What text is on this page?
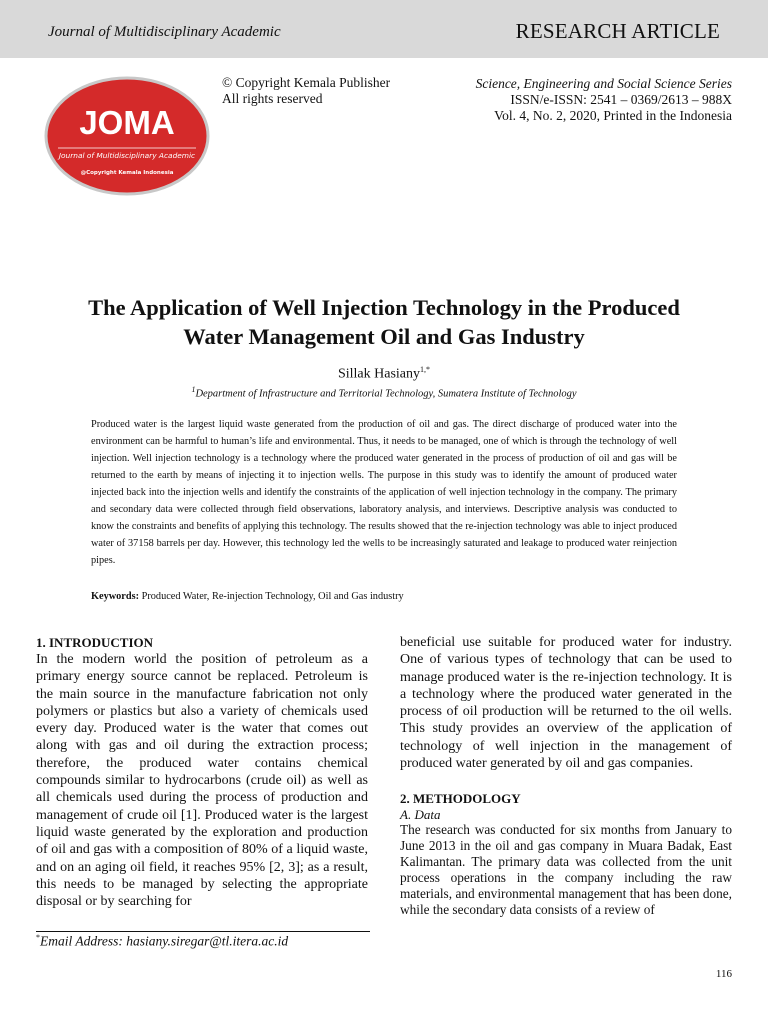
Journal of Multidisciplinary Academic	RESEARCH ARTICLE
JOMA
Journal of Multidisciplinary Academic
@Copyright Kemala Indonesia
© Copyright Kemala Publisher
All rights reserved
Science, Engineering and Social Science Series
ISSN/e-ISSN: 2541 – 0369/2613 – 988X
Vol. 4, No. 2, 2020, Printed in the Indonesia
The Application of Well Injection Technology in the Produced
Water Management Oil and Gas Industry
Sillak Hasiany$^{1,*}$
$^1$Department of Infrastructure and Territorial Technology, Sumatera Institute of Technology
Produced water is the largest liquid waste generated from the production of oil and gas. The direct discharge of produced water into the environment can be harmful to human’s life and environmental. Thus, it needs to be managed, one of which is through the technology of well injection. Well injection technology is a technology where the produced water generated in the process of production of oil and gas will be returned to the earth by means of injecting it to injection wells. The purpose in this study was to identify the amount of produced water injected back into the injection wells and identify the constraints of the application of well injection technology in the company. The primary and secondary data were collected through field observations, laboratory analysis, and interviews. Descriptive analysis was conducted to know the constraints and benefits of applying this technology. The results showed that the re-injection technology was able to inject produced water of 37158 barrels per day. However, this technology led the wells to be increasingly saturated and leakage to produced water reinjection pipes.
Keywords: Produced Water, Re-injection Technology, Oil and Gas industry
1. INTRODUCTION
In the modern world the position of petroleum as a primary energy source cannot be replaced. Petroleum is the main source in the manufacture fabrication not only polymers or plastics but also a variety of chemicals used every day. Produced water is the water that comes out along with gas and oil during the extraction process; therefore, the produced water contains chemical compounds similar to hydrocarbons (crude oil) as well as all chemicals used during the process of production and management of crude oil [1]. Produced water is the largest liquid waste generated by the exploration and production of oil and gas with a composition of 80% of a liquid waste, and on an aging oil field, it reaches 95% [2, 3]; as a result, this needs to be managed by selecting the appropriate disposal or by searching for
beneficial use suitable for produced water for industry. One of various types of technology that can be used to manage produced water is the re-injection technology. It is a technology where the produced water generated in the process of oil production will be returned to the oil wells. This study provides an overview of the application of technology of well injection in the management of produced water generated by oil and gas companies.
2. METHODOLOGY
A. Data
The research was conducted for six months from January to June 2013 in the oil and gas company in Muara Badak, East Kalimantan. The primary data was collected from the unit process operations in the company including the raw materials, and environmental management that has been done, while the secondary data consists of a review of
*Email Address: hasiany.siregar@tl.itera.ac.id
116
